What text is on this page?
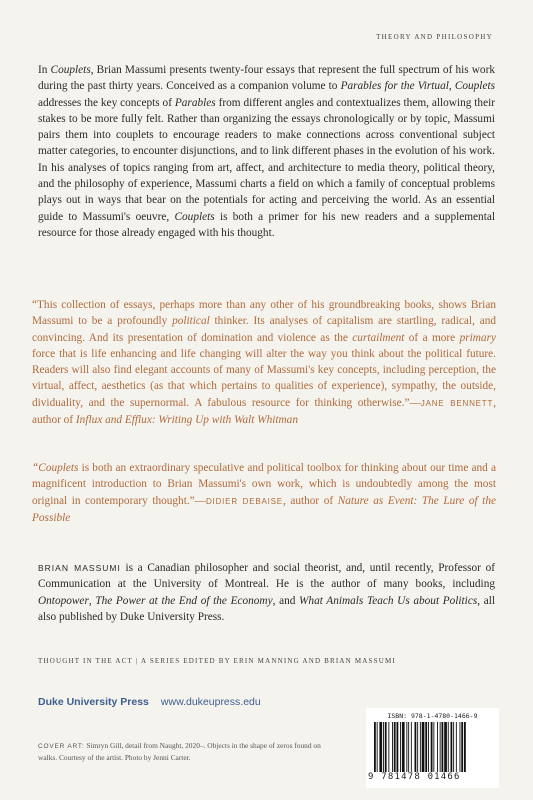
THEORY AND PHILOSOPHY

In Couplets, Brian Massumi presents twenty-four essays that represent the full spectrum of his work during the past thirty years. Conceived as a companion volume to Parables for the Virtual, Couplets addresses the key concepts of Parables from different angles and contextualizes them, allowing their stakes to be more fully felt. Rather than organizing the essays chronologically or by topic, Massumi pairs them into couplets to encourage readers to make connections across conventional subject matter categories, to encounter disjunctions, and to link different phases in the evolution of his work. In his analyses of topics ranging from art, affect, and architecture to media theory, political theory, and the philosophy of experience, Massumi charts a field on which a family of conceptual problems plays out in ways that bear on the potentials for acting and perceiving the world. As an essential guide to Massumi's oeuvre, Couplets is both a primer for his new readers and a supplemental resource for those already engaged with his thought.

“This collection of essays, perhaps more than any other of his groundbreaking books, shows Brian Massumi to be a profoundly political thinker. Its analyses of capitalism are startling, radical, and convincing. And its presentation of domination and violence as the curtailment of a more primary force that is life enhancing and life changing will alter the way you think about the political future. Readers will also find elegant accounts of many of Massumi's key concepts, including perception, the virtual, affect, aesthetics (as that which pertains to qualities of experience), sympathy, the outside, dividuality, and the supernormal. A fabulous resource for thinking otherwise.”—JANE BENNETT, author of Influx and Efflux: Writing Up with Walt Whitman

“Couplets is both an extraordinary speculative and political toolbox for thinking about our time and a magnificent introduction to Brian Massumi's own work, which is undoubtedly among the most original in contemporary thought.”—DIDIER DEBAISE, author of Nature as Event: The Lure of the Possible

BRIAN MASSUMI is a Canadian philosopher and social theorist, and, until recently, Professor of Communication at the University of Montreal. He is the author of many books, including Ontopower, The Power at the End of the Economy, and What Animals Teach Us about Politics, all also published by Duke University Press.

THOUGHT IN THE ACT | A SERIES EDITED BY ERIN MANNING AND BRIAN MASSUMI
Duke University Press www.dukeupress.edu
COVER ART: Simryn Gill, detail from Naught, 2020–. Objects in the shape of zeros found on walks. Courtesy of the artist. Photo by Jenni Carter.
ISBN: 978-1-4780-1466-9
9 781478 01466
